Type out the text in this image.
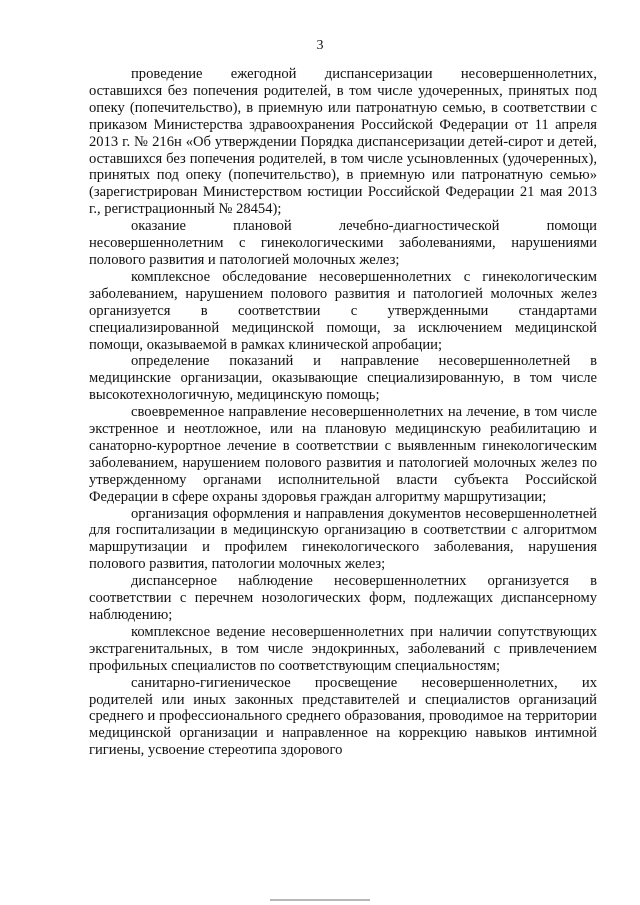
3

проведение ежегодной диспансеризации несовершеннолетних, оставшихся без попечения родителей, в том числе удочеренных, принятых под опеку (попечительство), в приемную или патронатную семью, в соответствии с приказом Министерства здравоохранения Российской Федерации от 11 апреля 2013 г. № 216н «Об утверждении Порядка диспансеризации детей-сирот и детей, оставшихся без попечения родителей, в том числе усыновленных (удочеренных), принятых под опеку (попечительство), в приемную или патронатную семью» (зарегистрирован Министерством юстиции Российской Федерации 21 мая 2013 г., регистрационный № 28454);

оказание плановой лечебно-диагностической помощи несовершеннолетним с гинекологическими заболеваниями, нарушениями полового развития и патологией молочных желез;

комплексное обследование несовершеннолетних с гинекологическим заболеванием, нарушением полового развития и патологией молочных желез организуется в соответствии с утвержденными стандартами специализированной медицинской помощи, за исключением медицинской помощи, оказываемой в рамках клинической апробации;

определение показаний и направление несовершеннолетней в медицинские организации, оказывающие специализированную, в том числе высокотехнологичную, медицинскую помощь;

своевременное направление несовершеннолетних на лечение, в том числе экстренное и неотложное, или на плановую медицинскую реабилитацию и санаторно-курортное лечение в соответствии с выявленным гинекологическим заболеванием, нарушением полового развития и патологией молочных желез по утвержденному органами исполнительной власти субъекта Российской Федерации в сфере охраны здоровья граждан алгоритму маршрутизации;

организация оформления и направления документов несовершеннолетней для госпитализации в медицинскую организацию в соответствии с алгоритмом маршрутизации и профилем гинекологического заболевания, нарушения полового развития, патологии молочных желез;

диспансерное наблюдение несовершеннолетних организуется в соответствии с перечнем нозологических форм, подлежащих диспансерному наблюдению;

комплексное ведение несовершеннолетних при наличии сопутствующих экстрагенитальных, в том числе эндокринных, заболеваний с привлечением профильных специалистов по соответствующим специальностям;

санитарно-гигиеническое просвещение несовершеннолетних, их родителей или иных законных представителей и специалистов организаций среднего и профессионального среднего образования, проводимое на территории медицинской организации и направленное на коррекцию навыков интимной гигиены, усвоение стереотипа здорового
